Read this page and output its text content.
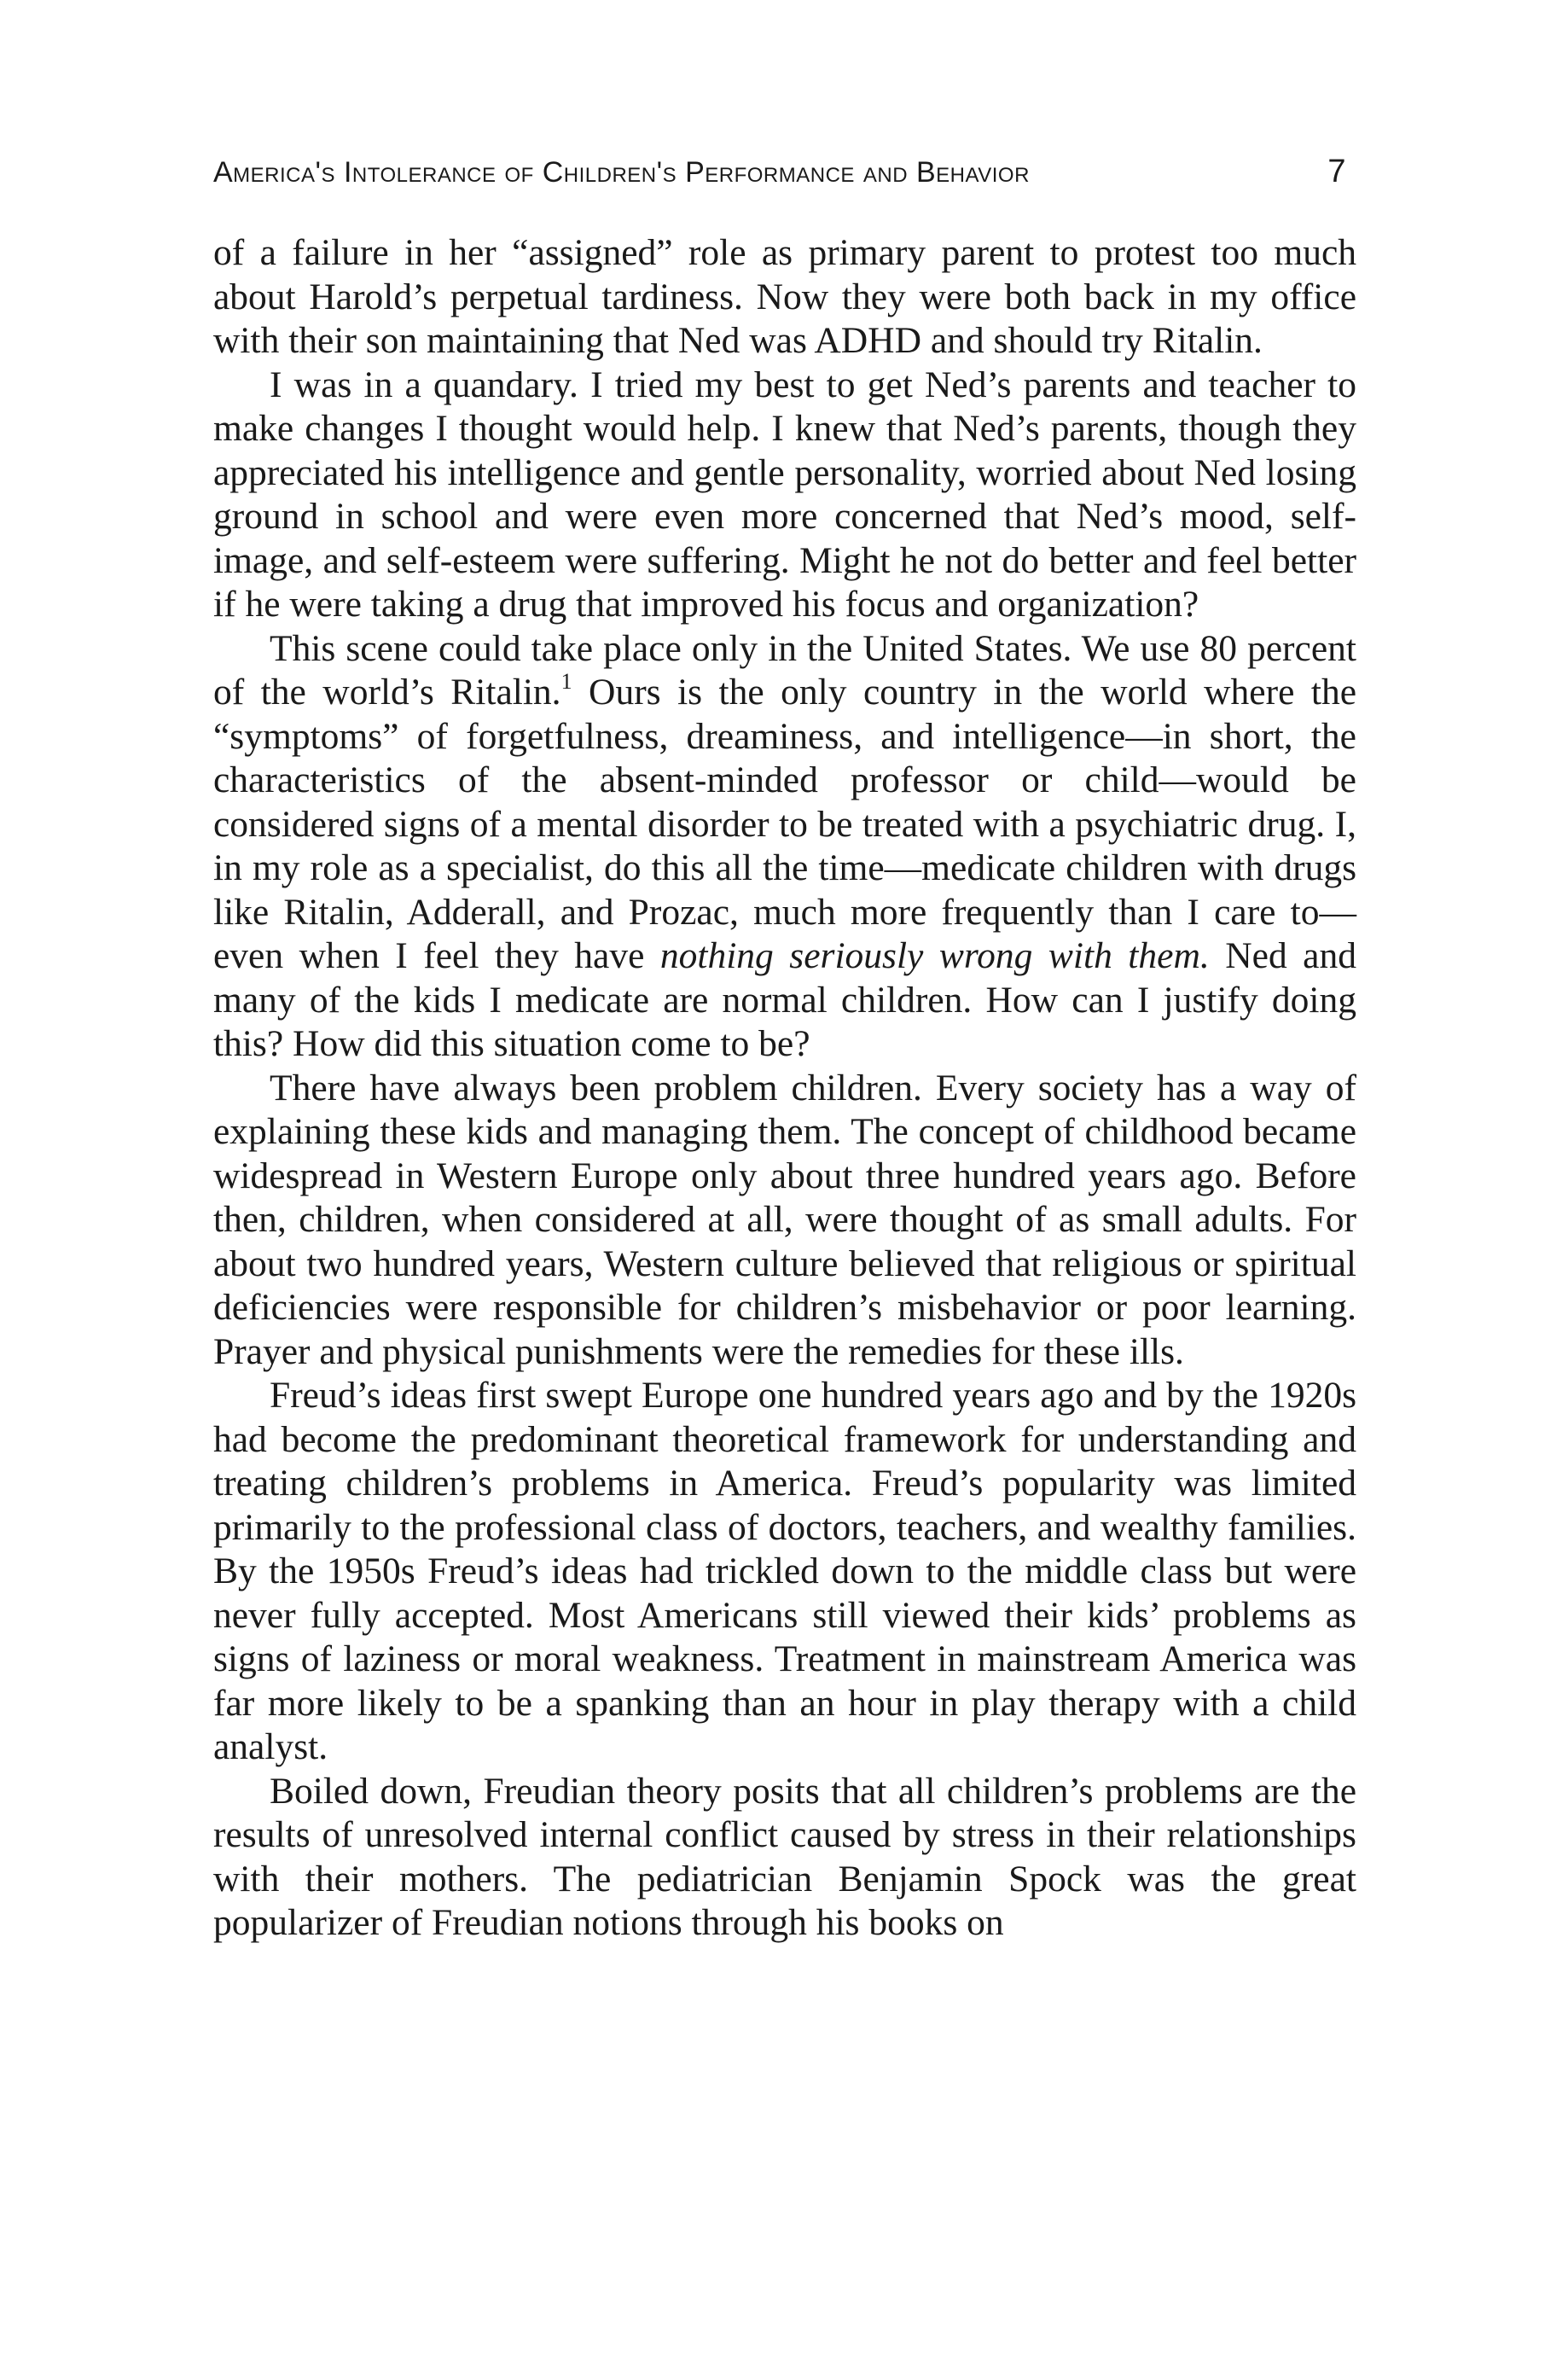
America's Intolerance of Children's Performance and Behavior	7

of a failure in her “assigned” role as primary parent to protest too much about Harold’s perpetual tardiness. Now they were both back in my office with their son maintaining that Ned was ADHD and should try Ritalin.

I was in a quandary. I tried my best to get Ned’s parents and teacher to make changes I thought would help. I knew that Ned’s parents, though they appreciated his intelligence and gentle personality, worried about Ned losing ground in school and were even more concerned that Ned’s mood, self-image, and self-esteem were suffering. Might he not do better and feel better if he were taking a drug that improved his focus and organization?

This scene could take place only in the United States. We use 80 percent of the world’s Ritalin.$^1$ Ours is the only country in the world where the “symptoms” of forgetfulness, dreaminess, and intelligence—in short, the characteristics of the absent-minded professor or child—would be considered signs of a mental disorder to be treated with a psychiatric drug. I, in my role as a specialist, do this all the time—medicate children with drugs like Ritalin, Adderall, and Prozac, much more frequently than I care to—even when I feel they have nothing seriously wrong with them. Ned and many of the kids I medicate are normal children. How can I justify doing this? How did this situation come to be?

There have always been problem children. Every society has a way of explaining these kids and managing them. The concept of childhood became widespread in Western Europe only about three hundred years ago. Before then, children, when considered at all, were thought of as small adults. For about two hundred years, Western culture believed that religious or spiritual deficiencies were responsible for children’s misbehavior or poor learning. Prayer and physical punishments were the remedies for these ills.

Freud’s ideas first swept Europe one hundred years ago and by the 1920s had become the predominant theoretical framework for understanding and treating children’s problems in America. Freud’s popularity was limited primarily to the professional class of doctors, teachers, and wealthy families. By the 1950s Freud’s ideas had trickled down to the middle class but were never fully accepted. Most Americans still viewed their kids’ problems as signs of laziness or moral weakness. Treatment in mainstream America was far more likely to be a spanking than an hour in play therapy with a child analyst.

Boiled down, Freudian theory posits that all children’s problems are the results of unresolved internal conflict caused by stress in their relationships with their mothers. The pediatrician Benjamin Spock was the great popularizer of Freudian notions through his books on
